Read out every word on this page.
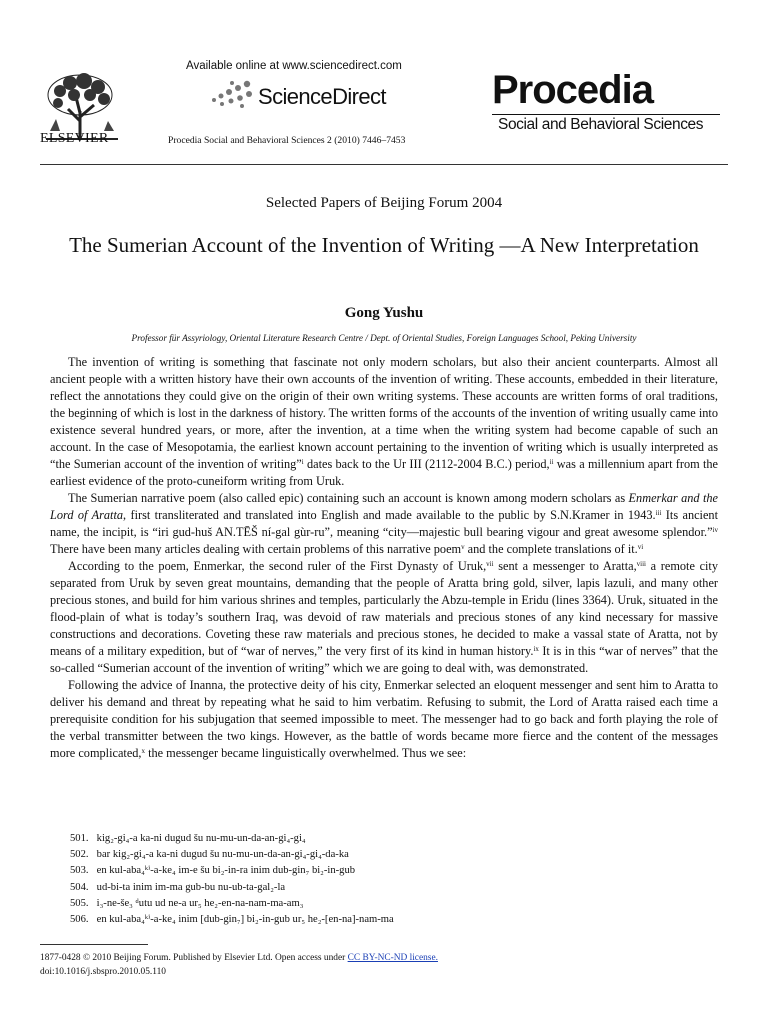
ELSEVIER
Available online at www.sciencedirect.com
ScienceDirect
Procedia Social and Behavioral Sciences 2 (2010) 7446–7453
Procedia
Social and Behavioral Sciences
Selected Papers of Beijing Forum 2004
The Sumerian Account of the Invention of Writing —A New Interpretation
Gong Yushu
Professor für Assyriology, Oriental Literature Research Centre / Dept. of Oriental Studies, Foreign Languages School, Peking University

The invention of writing is something that fascinate not only modern scholars, but also their ancient counterparts. Almost all ancient people with a written history have their own accounts of the invention of writing. These accounts, embedded in their literature, reflect the annotations they could give on the origin of their own writing systems. These accounts are written forms of oral traditions, the beginning of which is lost in the darkness of history. The written forms of the accounts of the invention of writing usually came into existence several hundred years, or more, after the invention, at a time when the writing system had become capable of such an account. In the case of Mesopotamia, the earliest known account pertaining to the invention of writing which is usually interpreted as “the Sumerian account of the invention of writing”$^i$ dates back to the Ur III (2112-2004 B.C.) period,$^{ii}$ was a millennium apart from the earliest evidence of the proto-cuneiform writing from Uruk.

The Sumerian narrative poem (also called epic) containing such an account is known among modern scholars as Enmerkar and the Lord of Aratta, first transliterated and translated into English and made available to the public by S.N.Kramer in 1943.$^{iii}$ Its ancient name, the incipit, is “iri gud-huš AN.TĒŠ ní-gal gùr-ru”, meaning “city—majestic bull bearing vigour and great awesome splendor.”$^{iv}$ There have been many articles dealing with certain problems of this narrative poem$^v$ and the complete translations of it.$^{vi}$

According to the poem, Enmerkar, the second ruler of the First Dynasty of Uruk,$^{vii}$ sent a messenger to Aratta,$^{viii}$ a remote city separated from Uruk by seven great mountains, demanding that the people of Aratta bring gold, silver, lapis lazuli, and many other precious stones, and build for him various shrines and temples, particularly the Abzu-temple in Eridu (lines 3364). Uruk, situated in the flood-plain of what is today’s southern Iraq, was devoid of raw materials and precious stones of any kind necessary for massive constructions and decorations. Coveting these raw materials and precious stones, he decided to make a vassal state of Aratta, not by means of a military expedition, but of “war of nerves,” the very first of its kind in human history.$^{ix}$ It is in this “war of nerves” that the so-called “Sumerian account of the invention of writing” which we are going to deal with, was demonstrated.

Following the advice of Inanna, the protective deity of his city, Enmerkar selected an eloquent messenger and sent him to Aratta to deliver his demand and threat by repeating what he said to him verbatim. Refusing to submit, the Lord of Aratta raised each time a prerequisite condition for his subjugation that seemed impossible to meet. The messenger had to go back and forth playing the role of the verbal transmitter between the two kings. However, as the battle of words became more fierce and the content of the messages more complicated,$^x$ the messenger became linguistically overwhelmed. Thus we see:

501. kig₂-gi₄-a ka-ni dugud šu nu-mu-un-da-an-gi₄-gi₄
502. bar kig₂-gi₄-a ka-ni dugud šu nu-mu-un-da-an-gi₄-gi₄-da-ka
503. en kul-aba₄ᵏⁱ-a-ke₄ im-e šu bi₂-in-ra inim dub-gin₇ bi₂-in-gub
504. ud-bi-ta inim im-ma gub-bu nu-ub-ta-gal₂-la
505. i₃-ne-še₃ ᵈutu ud ne-a ur₅ he₂-en-na-nam-ma-am₃
506. en kul-aba₄ᵏⁱ-a-ke₄ inim [dub-gin₇] bi₂-in-gub ur₅ he₂-[en-na]-nam-ma
1877-0428 © 2010 Beijing Forum. Published by Elsevier Ltd. Open access under CC BY-NC-ND license.
doi:10.1016/j.sbspro.2010.05.110
